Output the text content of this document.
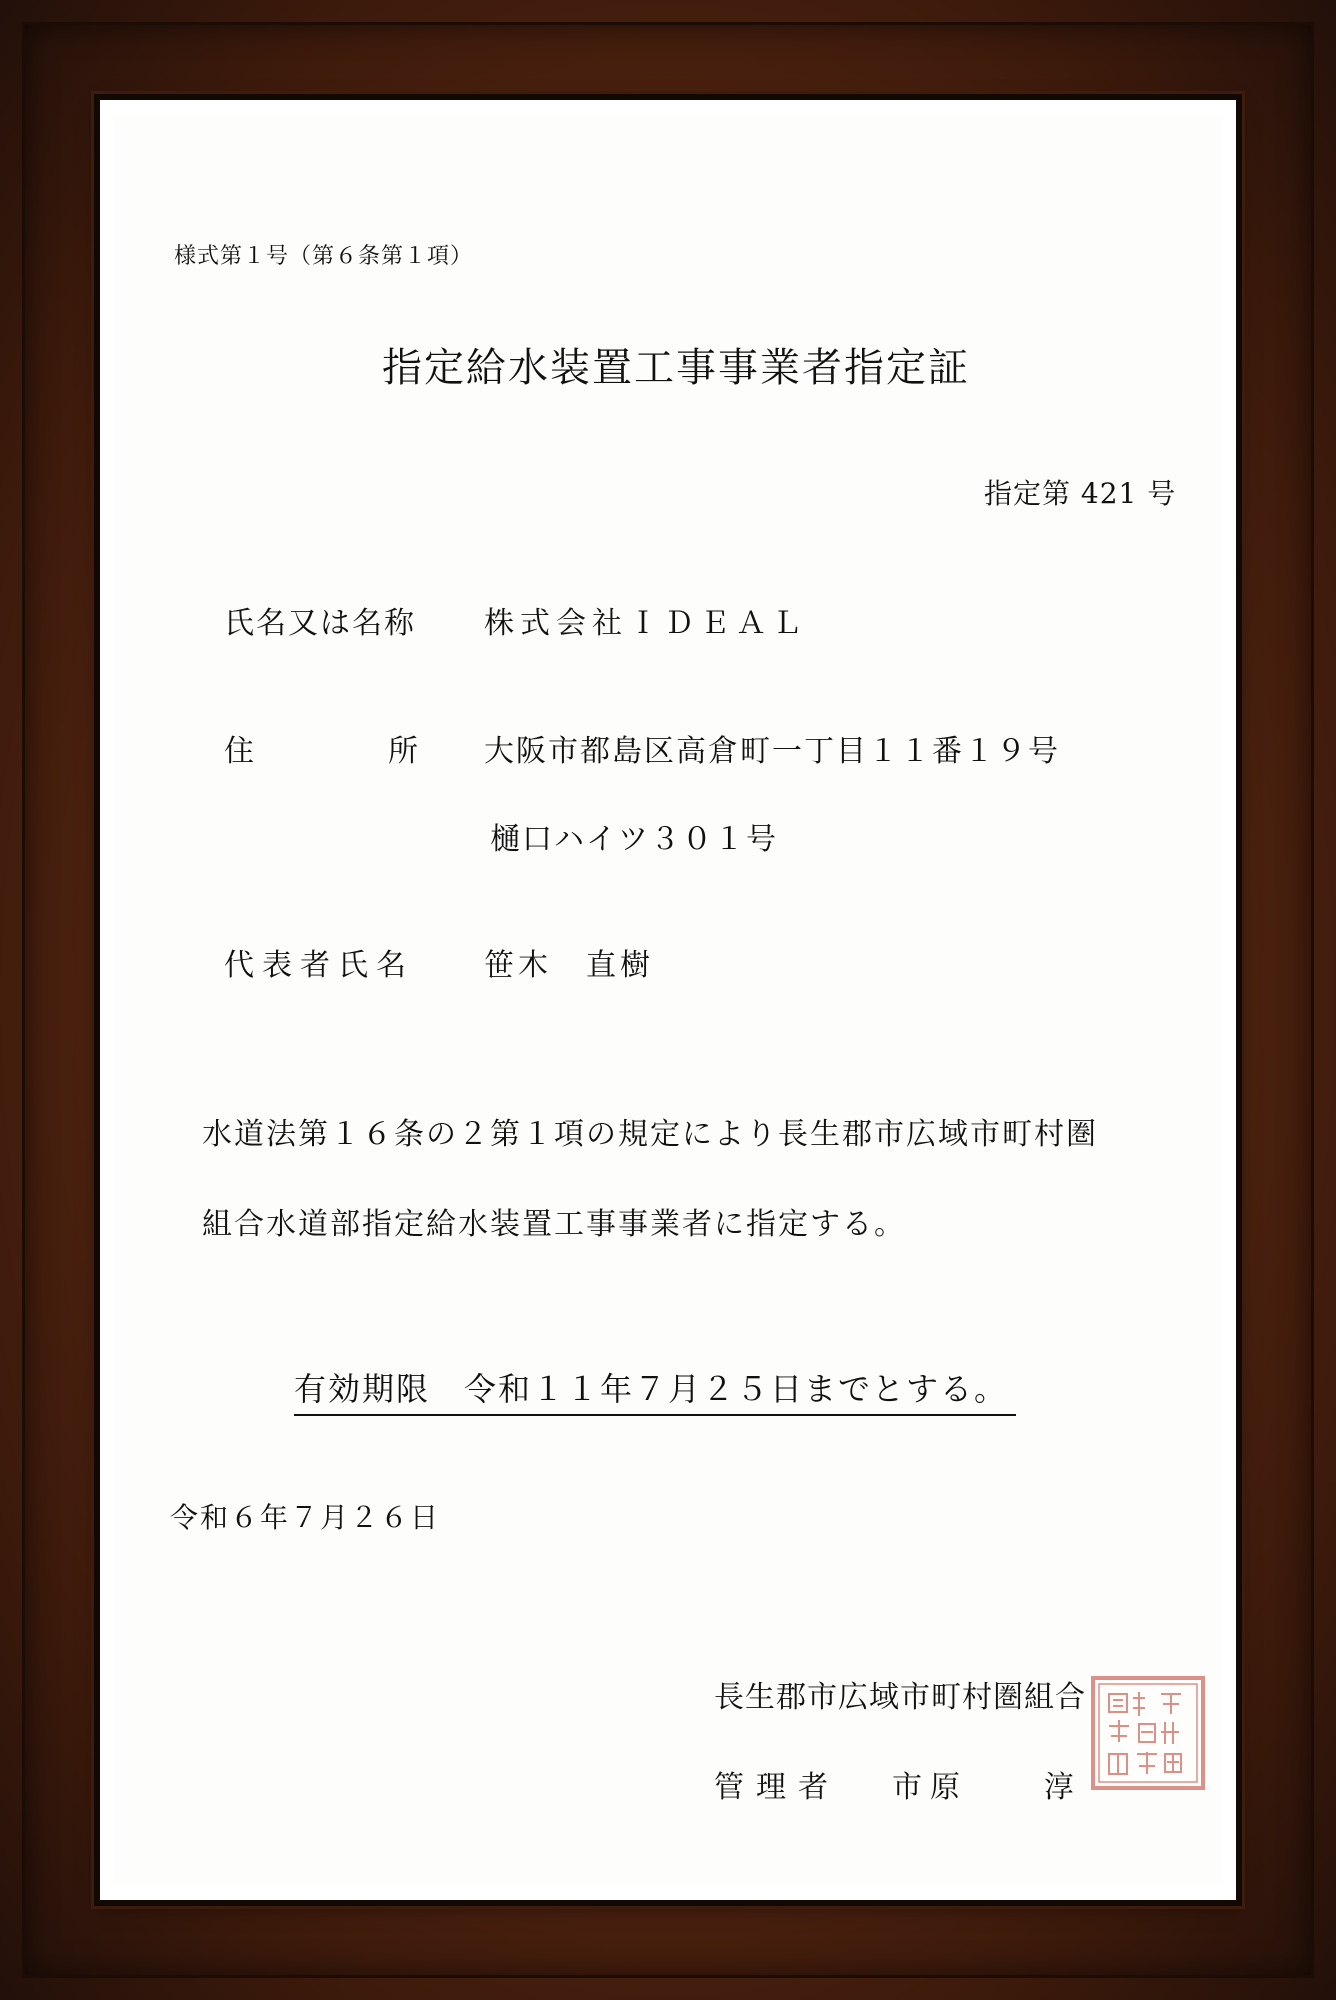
様式第１号（第６条第１項）
指定給水装置工事事業者指定証
指定第 421 号
氏名又は名称 株式会社ＩＤＥＡＬ
住	所 大阪市都島区高倉町一丁目１１番１９号
樋口ハイツ３０１号
代表者氏名 笹木　直樹
水道法第１６条の２第１項の規定により長生郡市広域市町村圏
組合水道部指定給水装置工事事業者に指定する。
有効期限　令和１１年７月２５日までとする。
令和６年７月２６日
長生郡市広域市町村圏組合
管理者 市原　　淳
